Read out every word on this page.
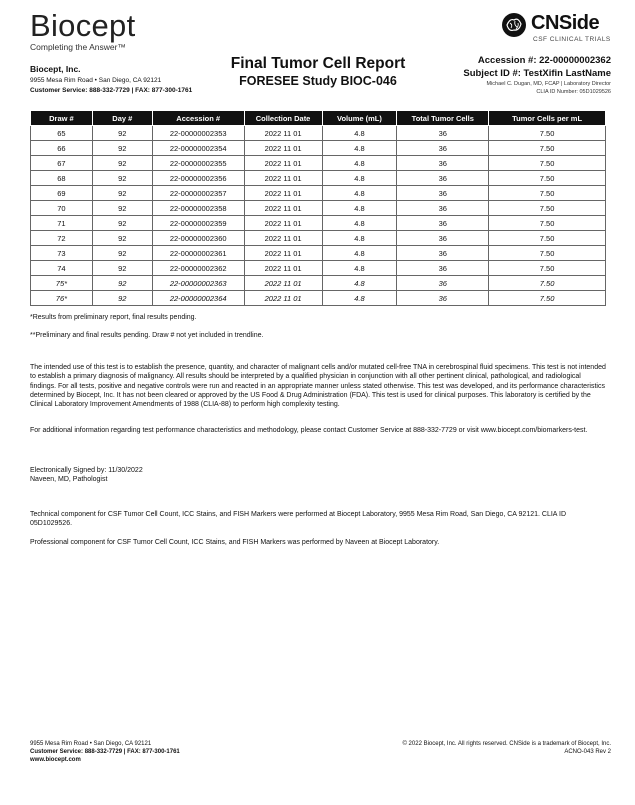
Biocept
Completing the Answer™
Biocept, Inc.
9955 Mesa Rim Road • San Diego, CA 92121
Customer Service: 888-332-7729 | FAX: 877-300-1761
Final Tumor Cell Report
FORESEE Study BIOC-046
CNSide
CSF CLINICAL TRIALS
Accession #: 22-00000002362
Subject ID #: TestXifin LastName
Michael C. Dugan, MD, FCAP | Laboratory Director
CLIA ID Number: 05D1029526
Draw #	Day #	Accession #	Collection Date	Volume (mL)	Total Tumor Cells	Tumor Cells per mL
65	92	22-00000002353	2022 11 01	4.8	36	7.50
66	92	22-00000002354	2022 11 01	4.8	36	7.50
67	92	22-00000002355	2022 11 01	4.8	36	7.50
68	92	22-00000002356	2022 11 01	4.8	36	7.50
69	92	22-00000002357	2022 11 01	4.8	36	7.50
70	92	22-00000002358	2022 11 01	4.8	36	7.50
71	92	22-00000002359	2022 11 01	4.8	36	7.50
72	92	22-00000002360	2022 11 01	4.8	36	7.50
73	92	22-00000002361	2022 11 01	4.8	36	7.50
74	92	22-00000002362	2022 11 01	4.8	36	7.50
75*	92	22-00000002363	2022 11 01	4.8	36	7.50
76*	92	22-00000002364	2022 11 01	4.8	36	7.50
*Results from preliminary report, final results pending.
**Preliminary and final results pending. Draw # not yet included in trendline.
The intended use of this test is to establish the presence, quantity, and character of malignant cells and/or mutated cell-free TNA in cerebrospinal fluid specimens. This test is not intended to establish a primary diagnosis of malignancy. All results should be interpreted by a qualified physician in conjunction with all other pertinent clinical, pathological, and radiological findings. For all tests, positive and negative controls were run and reacted in an appropriate manner unless stated otherwise. This test was developed, and its performance characteristics determined by Biocept, Inc. It has not been cleared or approved by the US Food & Drug Administration (FDA). This test is used for clinical purposes. This laboratory is certified by the Clinical Laboratory Improvement Amendments of 1988 (CLIA-88) to perform high complexity testing.
For additional information regarding test performance characteristics and methodology, please contact Customer Service at 888-332-7729 or visit www.biocept.com/biomarkers-test.
Electronically Signed by: 11/30/2022
Naveen, MD, Pathologist
Technical component for CSF Tumor Cell Count, ICC Stains, and FISH Markers were performed at Biocept Laboratory, 9955 Mesa Rim Road, San Diego, CA 92121. CLIA ID 05D1029526.
Professional component for CSF Tumor Cell Count, ICC Stains, and FISH Markers was performed by Naveen at Biocept Laboratory.
9955 Mesa Rim Road • San Diego, CA 92121
Customer Service: 888-332-7729 | FAX: 877-300-1761
www.biocept.com
© 2022 Biocept, Inc. All rights reserved. CNSide is a trademark of Biocept, Inc.
ACNO-043 Rev 2
